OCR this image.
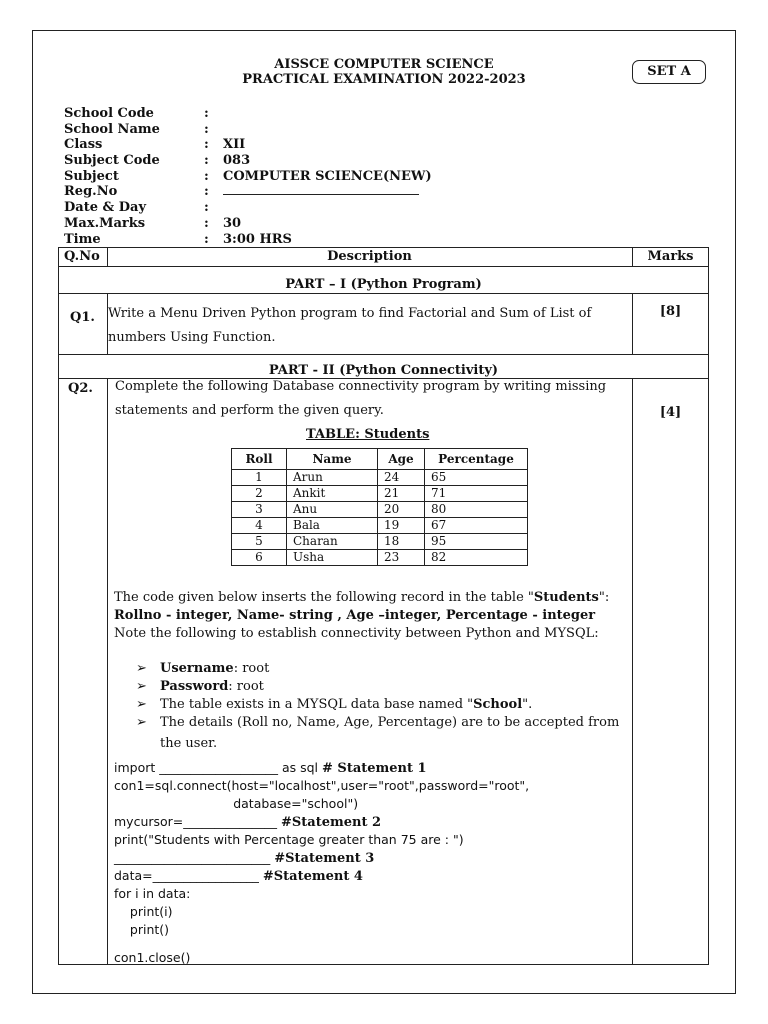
AISSCE COMPUTER SCIENCE
PRACTICAL EXAMINATION 2022-2023
SET A
School Code	:
School Name	:
Class	: XII
Subject Code	: 083
Subject	: COMPUTER SCIENCE(NEW)
Reg.No	:
Date & Day	:
Max.Marks	: 30
Time	: 3:00 HRS
Q.No	Description	Marks
PART – I (Python Program)
Q1. Write a Menu Driven Python program to find Factorial and Sum of List of numbers Using Function.
[8]
PART - II (Python Connectivity)
Q2. Complete the following Database connectivity program by writing missing statements and perform the given query.	[4]
TABLE: Students
Roll	Name	Age	Percentage
1	Arun	24	65
2	Ankit	21	71
3	Anu	20	80
4	Bala	19	67
5	Charan	18	95
6	Usha	23	82
The code given below inserts the following record in the table "Students":
Rollno - integer, Name- string , Age –integer, Percentage - integer
Note the following to establish connectivity between Python and MYSQL:
➢ Username: root
➢ Password: root
➢ The table exists in a MYSQL data base named "School".
➢ The details (Roll no, Name, Age, Percentage) are to be accepted from
the user.
import ___________________ as sql # Statement 1
con1=sql.connect(host="localhost",user="root",password="root",
database="school")
mycursor=_______________ #Statement 2
print("Students with Percentage greater than 75 are : ")
_________________________ #Statement 3
data=_________________ #Statement 4
for i in data:
print(i)
print()
con1.close()
